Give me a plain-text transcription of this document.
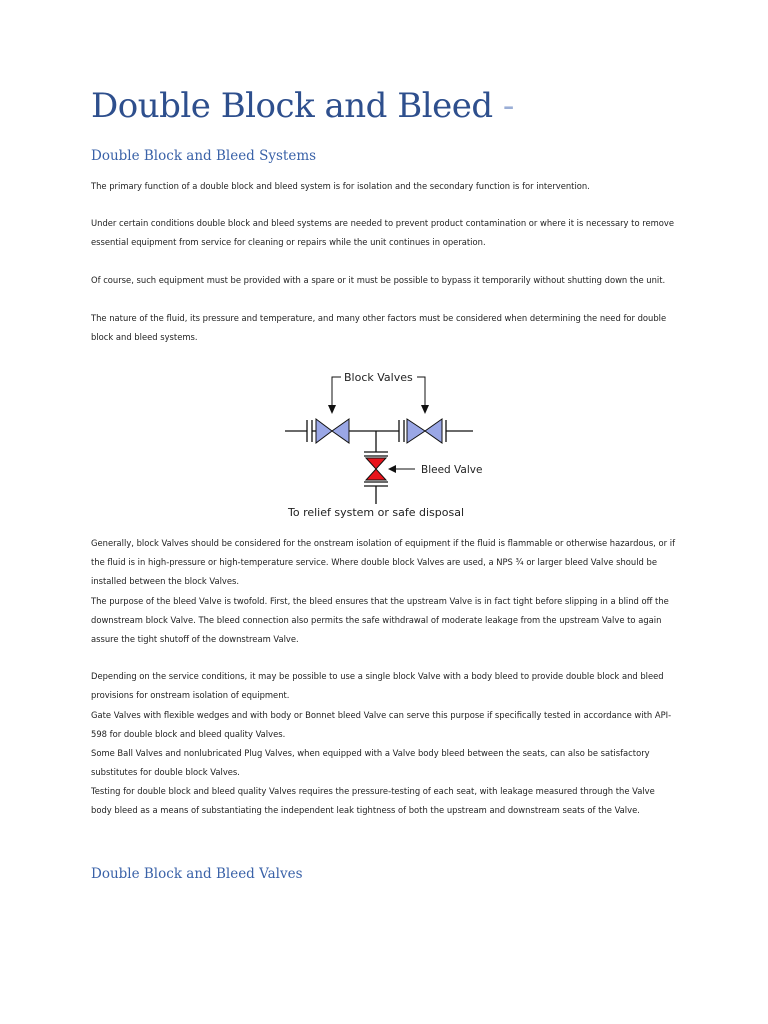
Double Block and Bleed -
Double Block and Bleed Systems

The primary function of a double block and bleed system is for isolation and the secondary function is for intervention.

Under certain conditions double block and bleed systems are needed to prevent product contamination or where it is necessary to remove essential equipment from service for cleaning or repairs while the unit continues in operation.

Of course, such equipment must be provided with a spare or it must be possible to bypass it temporarily without shutting down the unit.

The nature of the fluid, its pressure and temperature, and many other factors must be considered when determining the need for double block and bleed systems.

Block Valves
Bleed Valve
To relief system or safe disposal

Generally, block Valves should be considered for the onstream isolation of equipment if the fluid is flammable or otherwise hazardous, or if the fluid is in high-pressure or high-temperature service. Where double block Valves are used, a NPS ¾ or larger bleed Valve should be installed between the block Valves.

The purpose of the bleed Valve is twofold. First, the bleed ensures that the upstream Valve is in fact tight before slipping in a blind off the downstream block Valve. The bleed connection also permits the safe withdrawal of moderate leakage from the upstream Valve to again assure the tight shutoff of the downstream Valve.

Depending on the service conditions, it may be possible to use a single block Valve with a body bleed to provide double block and bleed provisions for onstream isolation of equipment.

Gate Valves with flexible wedges and with body or Bonnet bleed Valve can serve this purpose if specifically tested in accordance with API-598 for double block and bleed quality Valves.

Some Ball Valves and nonlubricated Plug Valves, when equipped with a Valve body bleed between the seats, can also be satisfactory substitutes for double block Valves.

Testing for double block and bleed quality Valves requires the pressure-testing of each seat, with leakage measured through the Valve body bleed as a means of substantiating the independent leak tightness of both the upstream and downstream seats of the Valve.

Double Block and Bleed Valves
